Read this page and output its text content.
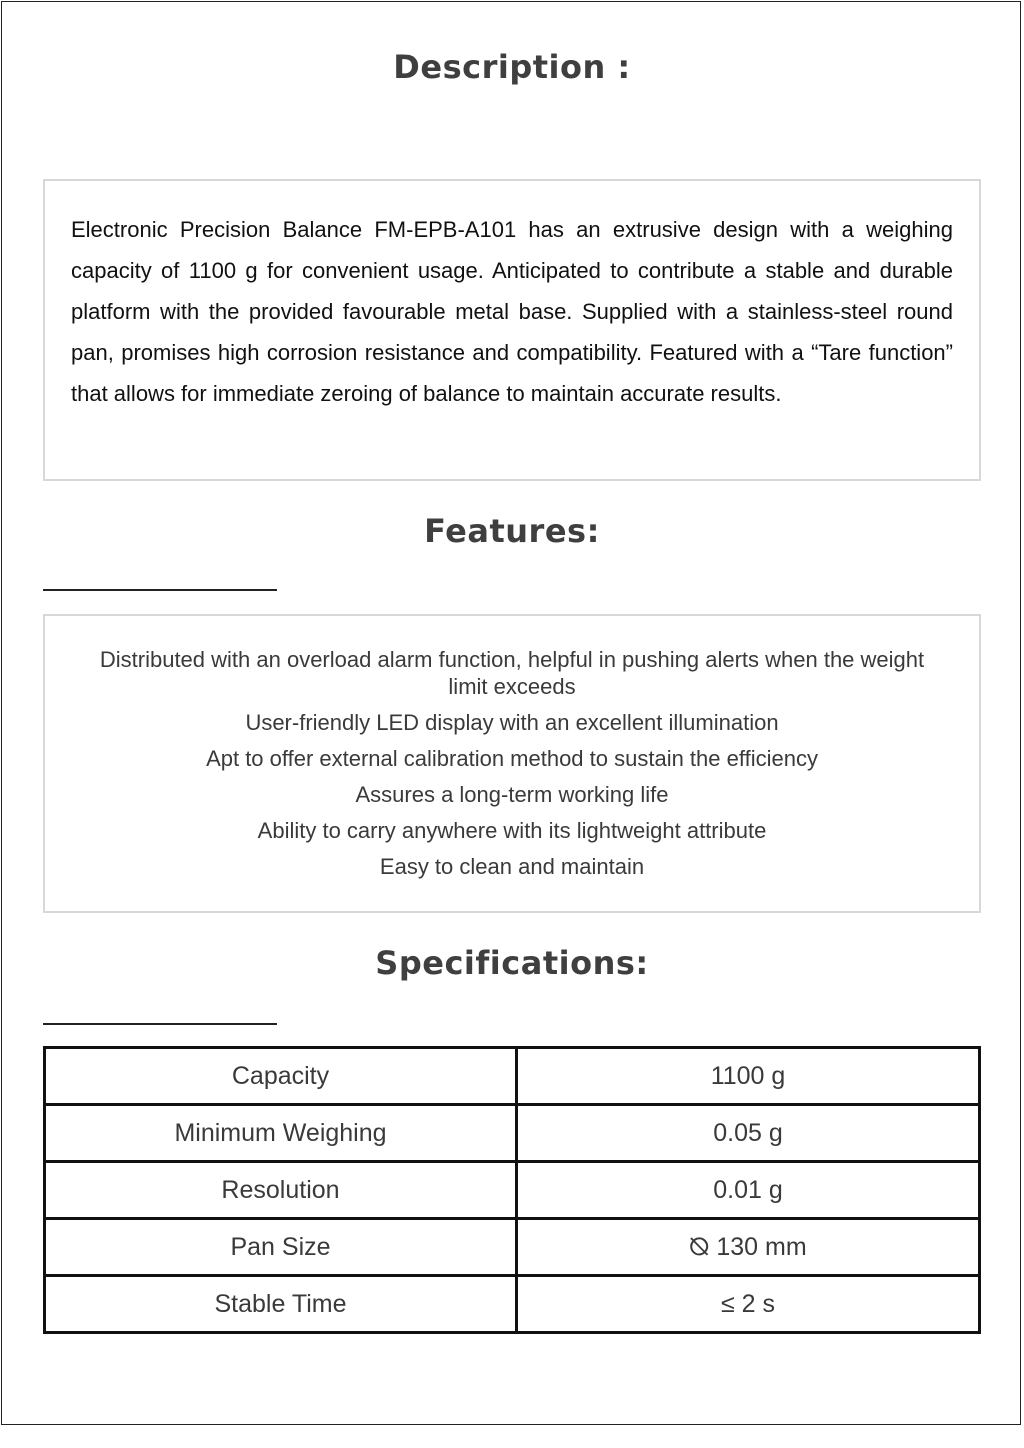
Description :

Electronic Precision Balance FM-EPB-A101 has an extrusive design with a weighing capacity of 1100 g for convenient usage. Anticipated to contribute a stable and durable platform with the provided favourable metal base. Supplied with a stainless-steel round pan, promises high corrosion resistance and compatibility. Featured with a “Tare function” that allows for immediate zeroing of balance to maintain accurate results.

Features:
Distributed with an overload alarm function, helpful in pushing alerts when the weight limit exceeds
User-friendly LED display with an excellent illumination
Apt to offer external calibration method to sustain the efficiency
Assures a long-term working life
Ability to carry anywhere with its lightweight attribute
Easy to clean and maintain
Specifications:
Capacity	1100 g
Minimum Weighing	0.05 g
Resolution	0.01 g
Pan Size	⦰ 130 mm
Stable Time	≤ 2 s
